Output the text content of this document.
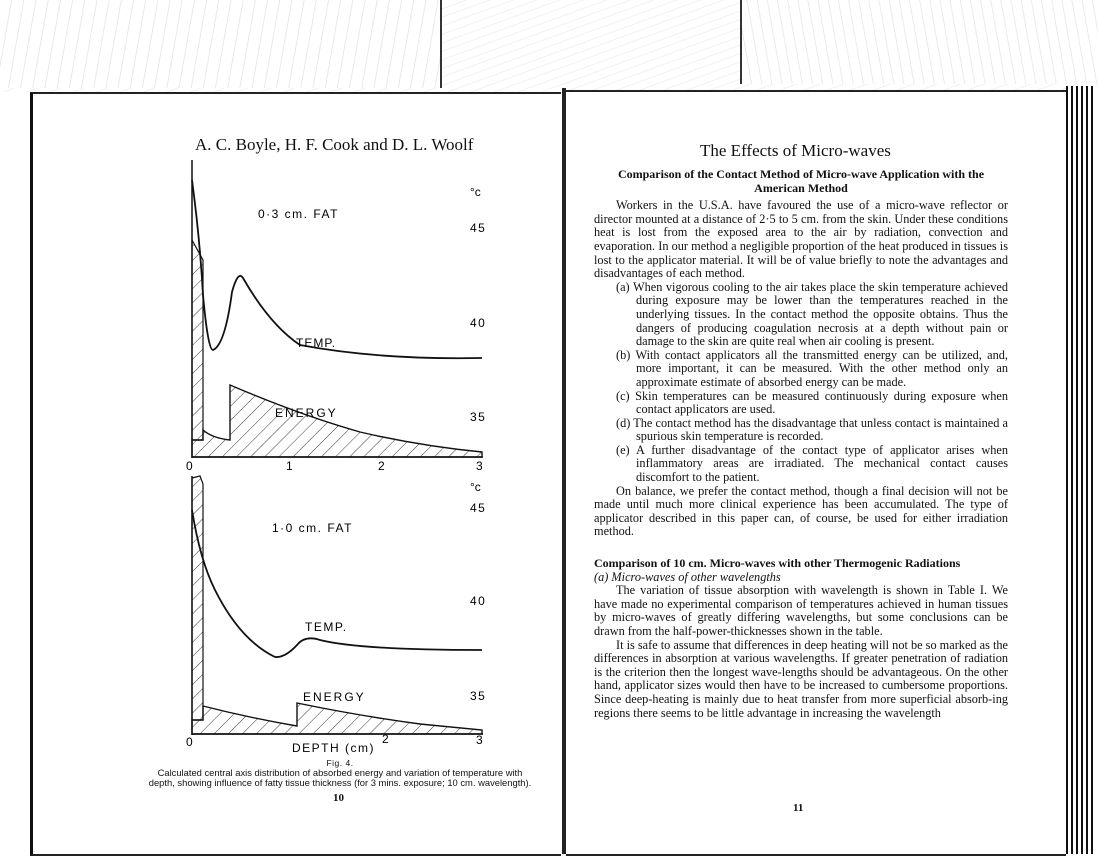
A. C. Boyle, H. F. Cook and D. L. Woolf
0·3 cm. FAT
°c
45
40
35
TEMP.
ENERGY
0	1	2	3
1·0 cm. FAT
°c
45
40
35
TEMP.
ENERGY
0	2	3
DEPTH (cm)
Fig. 4.
Calculated central axis distribution of absorbed energy and variation of temperature with
depth, showing influence of fatty tissue thickness (for 3 mins. exposure; 10 cm. wavelength).
10
The Effects of Micro-waves

Comparison of the Contact Method of Micro-wave Application with the

American Method

Workers in the U.S.A. have favoured the use of a micro-wave reflector or director mounted at a distance of 2·5 to 5 cm. from the skin. Under these conditions heat is lost from the exposed area to the air by radiation, convection and evaporation. In our method a negligible proportion of the heat produced in tissues is lost to the applicator material. It will be of value briefly to note the advantages and disadvantages of each method.

(a) When vigorous cooling to the air takes place the skin temperature achieved during exposure may be lower than the temperatures reached in the underlying tissues. In the contact method the opposite obtains. Thus the dangers of producing coagulation necrosis at a depth without pain or damage to the skin are quite real when air cooling is present.

(b) With contact applicators all the transmitted energy can be utilized, and, more important, it can be measured. With the other method only an approximate estimate of absorbed energy can be made.

(c) Skin temperatures can be measured continuously during exposure when contact applicators are used.

(d) The contact method has the disadvantage that unless contact is maintained a spurious skin temperature is recorded.

(e) A further disadvantage of the contact type of applicator arises when inflammatory areas are irradiated. The mechanical contact causes discomfort to the patient.

On balance, we prefer the contact method, though a final decision will not be made until much more clinical experience has been accumulated. The type of applicator described in this paper can, of course, be used for either irradiation method.

Comparison of 10 cm. Micro-waves with other Thermogenic Radiations

(a) Micro-waves of other wavelengths

The variation of tissue absorption with wavelength is shown in Table I. We have made no experimental comparison of temperatures achieved in human tissues by micro-waves of greatly differing wavelengths, but some conclusions can be drawn from the half-power-thicknesses shown in the table.

It is safe to assume that differences in deep heating will not be so marked as the differences in absorption at various wavelengths. If greater penetration of radiation is the criterion then the longest wave-lengths should be advantageous. On the other hand, applicator sizes would then have to be increased to cumbersome proportions. Since deep-heating is mainly due to heat transfer from more superficial absorb-ing regions there seems to be little advantage in increasing the wavelength

11
